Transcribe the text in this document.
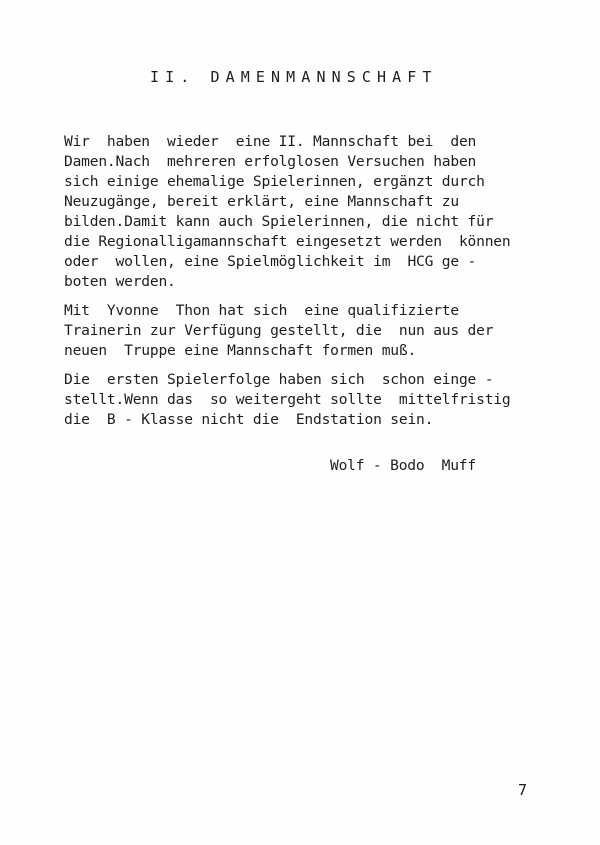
II. DAMENMANNSCHAFT
Wir  haben  wieder  eine II. Mannschaft bei  den
Damen.Nach  mehreren erfolglosen Versuchen haben
sich einige ehemalige Spielerinnen, ergänzt durch
Neuzugänge, bereit erklärt, eine Mannschaft zu
bilden.Damit kann auch Spielerinnen, die nicht für
die Regionalligamannschaft eingesetzt werden  können
oder  wollen, eine Spielmöglichkeit im  HCG ge -
boten werden.
Mit  Yvonne  Thon hat sich  eine qualifizierte
Trainerin zur Verfügung gestellt, die  nun aus der
neuen  Truppe eine Mannschaft formen muß.
Die  ersten Spielerfolge haben sich  schon einge -
stellt.Wenn das  so weitergeht sollte  mittelfristig
die  B - Klasse nicht die  Endstation sein.
Wolf - Bodo  Muff
7
